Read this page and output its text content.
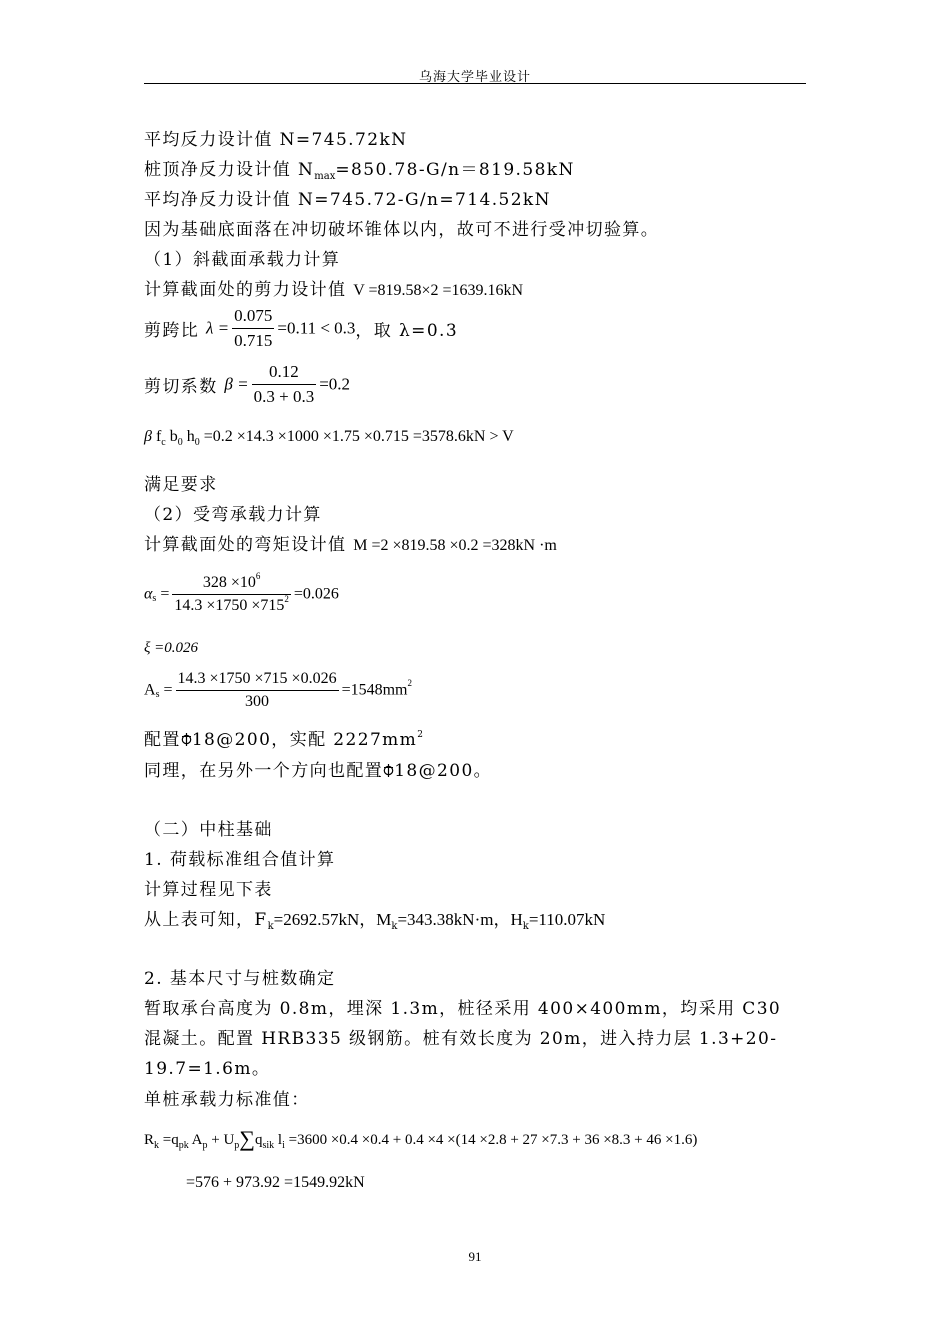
乌海大学毕业设计
平均反力设计值 N=745.72kN
桩顶净反力设计值 $N_{max}=850.78-G/n=819.58kN$
平均净反力设计值 N=745.72-G/n=714.52kN
因为基础底面落在冲切破坏锥体以内，故可不进行受冲切验算。
（1）斜截面承载力计算
计算截面处的剪力设计值 V =819.58×2 =1639.16kN
剪跨比 $\lambda = \frac{0.075}{0.715} =0.11 < 0.3$，取 λ=0.3
剪切系数 $\beta = \frac{0.12}{0.3 + 0.3} =0.2$
β $f_c$ $b_0$ $h_0 =0.2 \times 14.3 \times 1000 \times 1.75 \times 0.715 =3578.6kN > V$
满足要求
（2）受弯承载力计算
计算截面处的弯矩设计值 M =2 ×819.58 ×0.2 =328kN ·m
$\alpha_s = \frac{328 \times 10^6}{14.3 \times 1750 \times 715^2} =0.026$
ξ =0.026
$A_s = \frac{14.3 \times 1750 \times 715 \times 0.026}{300} =1548mm^2$
配置 18@200，实配 $2227mm^2$
同理，在另外一个方向也配置 18@200。
（二）中柱基础
1. 荷载标准组合值计算
计算过程见下表
从上表可知，$F_k=2692.57kN$，$M_k=343.38kN\cdot m$，$H_k=110.07kN$
2. 基本尺寸与桩数确定
暂取承台高度为 0.8m，埋深 1.3m，桩径采用 400×400mm，均采用 C30
混凝土。配置 HRB335 级钢筋。桩有效长度为 20m，进入持力层 1.3+20-
19.7=1.6m。
单桩承载力标准值：
$R_k =q_{pk}$ $A_p + U_p\sum q_{sik}$ $l_i =3600 \times 0.4 \times 0.4 + 0.4 \times 4 \times(14 \times 2.8 + 27 \times 7.3 + 36 \times 8.3 + 46 \times 1.6)$
=576 + 973.92 =1549.92kN
91
